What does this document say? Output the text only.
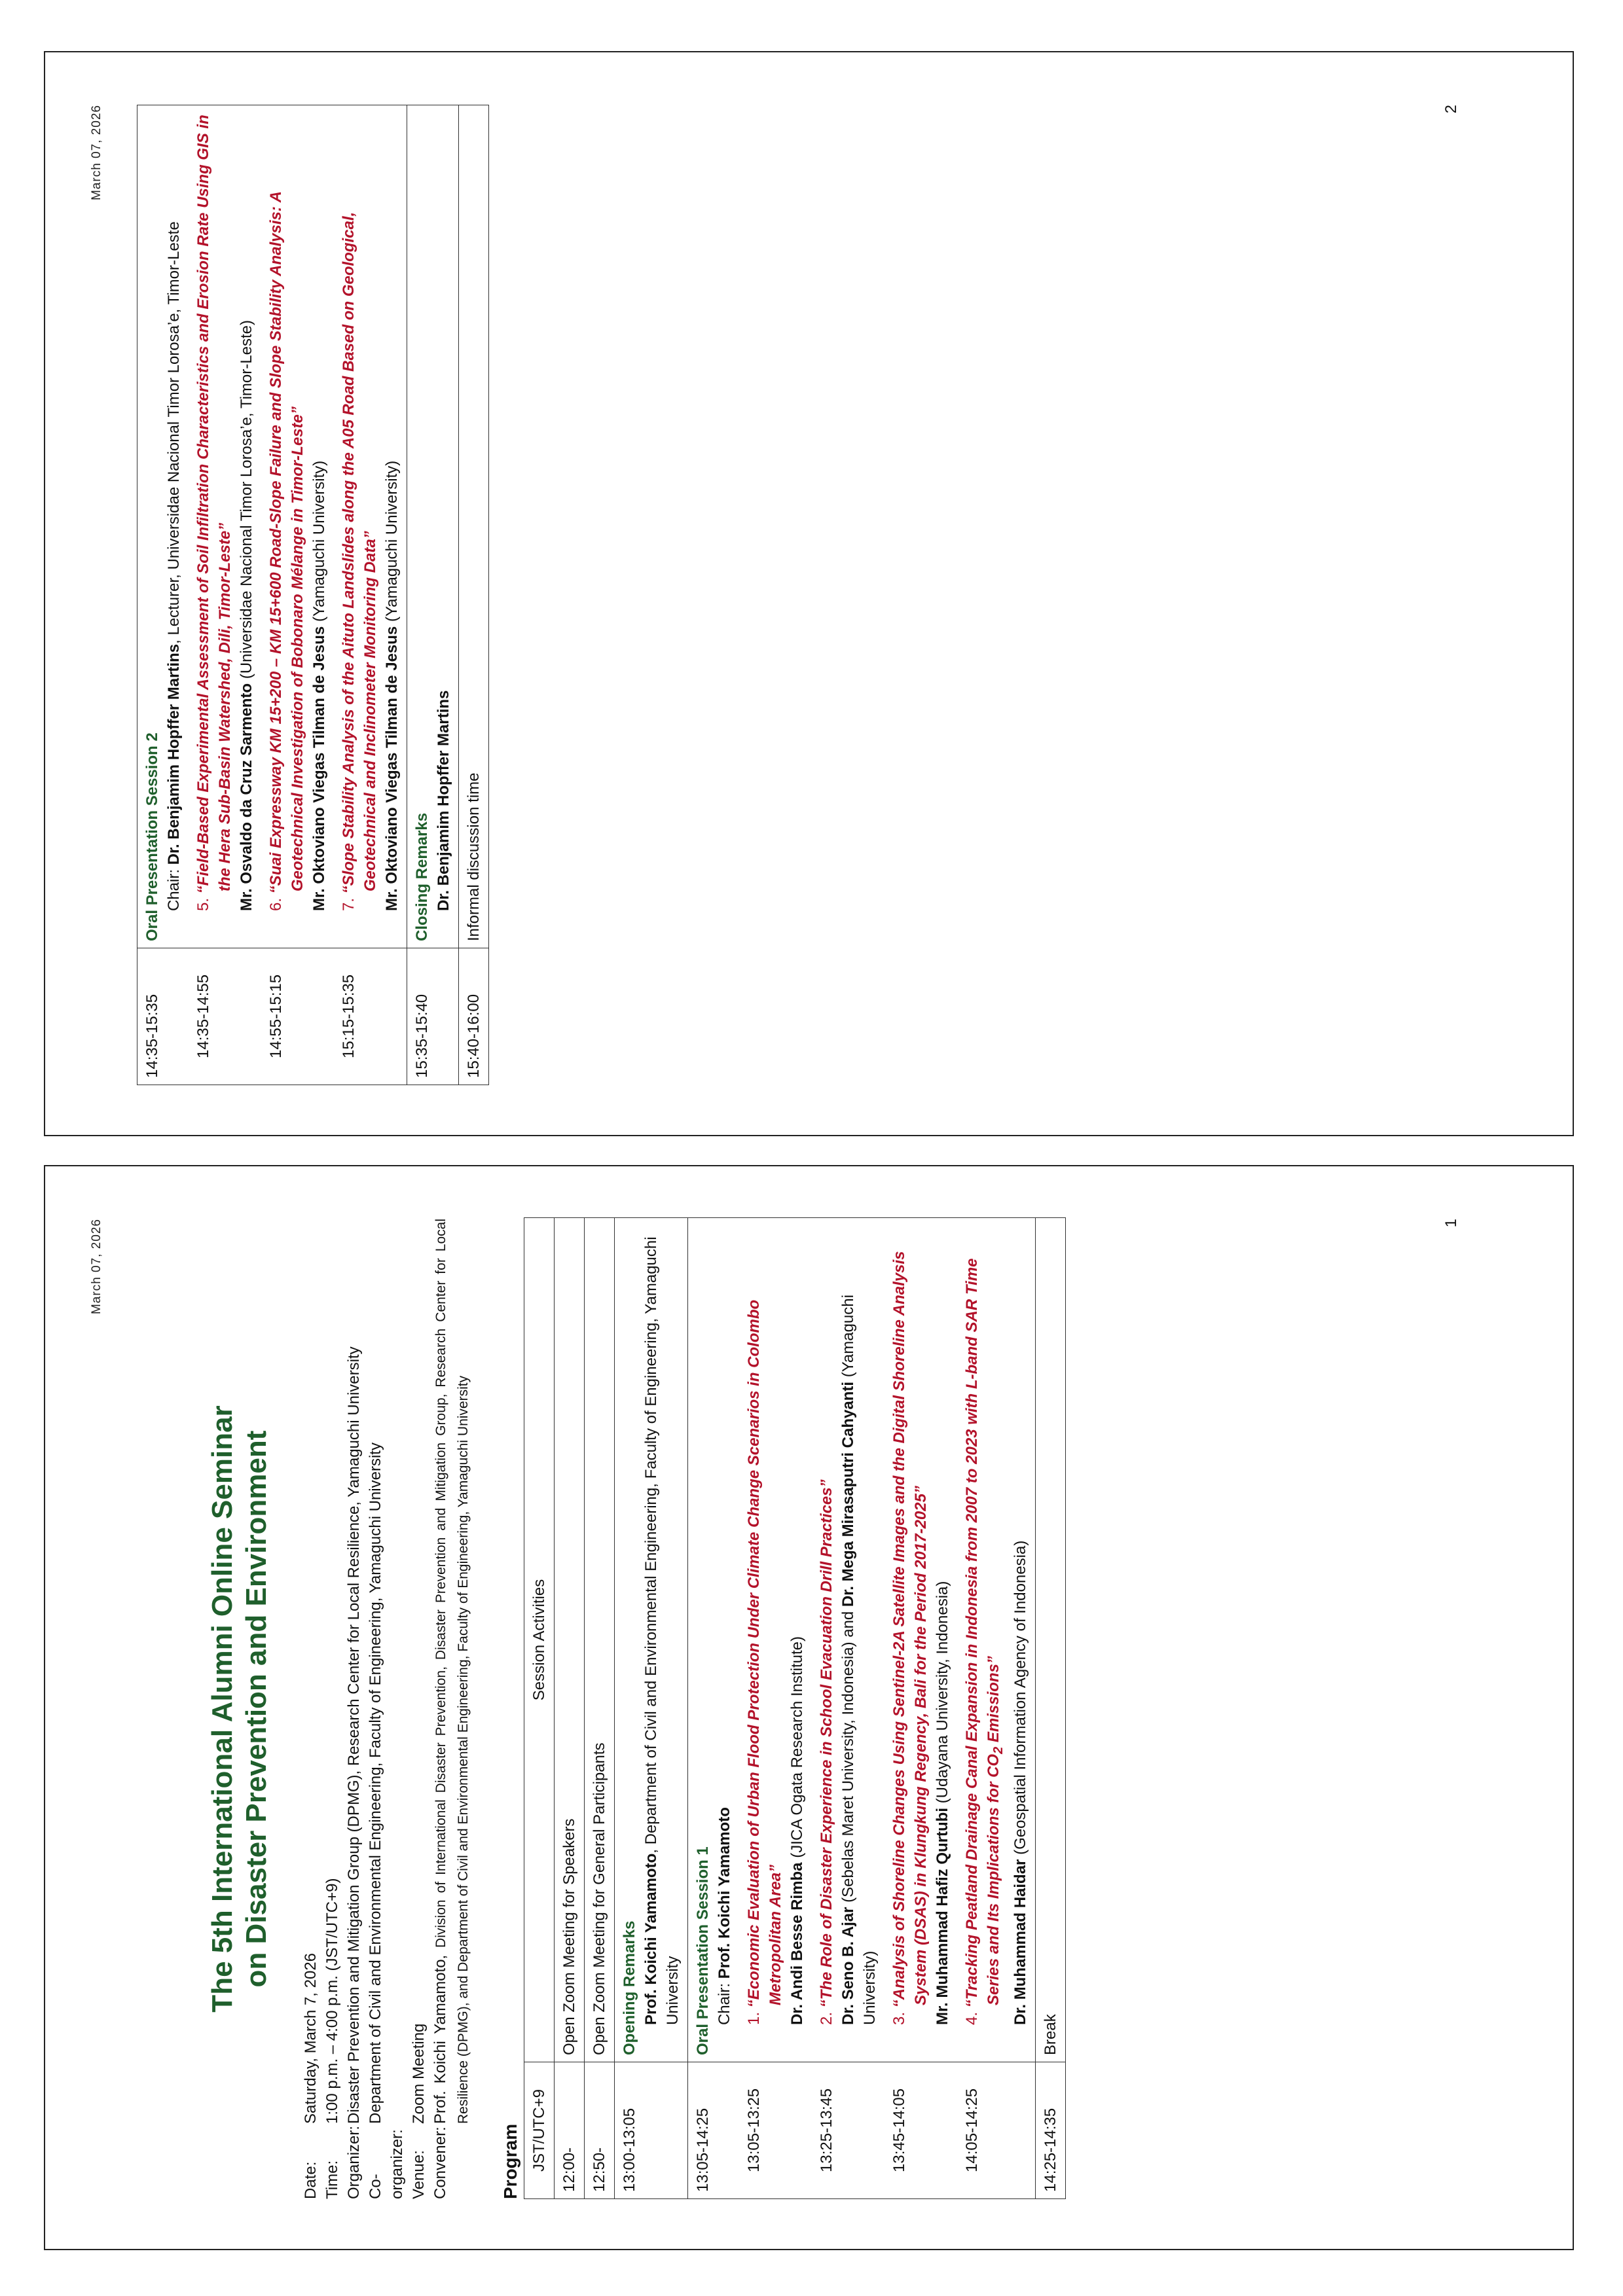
March 07, 2026	1
The 5th International Alumni Online Seminar on Disaster Prevention and Environment
Date:
Saturday, March 7, 2026
Time:
1:00 p.m. – 4:00 p.m. (JST/UTC+9)
Organizer:
Disaster Prevention and Mitigation Group (DPMG), Research Center for Local Resilience, Yamaguchi University
Co-organizer:
Department of Civil and Environmental Engineering, Faculty of Engineering, Yamaguchi University
Venue:
Zoom Meeting
Convener:
Prof. Koichi Yamamoto, Division of International Disaster Prevention, Disaster Prevention and Mitigation Group, Research Center for Local Resilience (DPMG), and Department of Civil and Environmental Engineering, Faculty of Engineering, Yamaguchi University
Program JST/UTC+9	Session Activities
12:00-	Open Zoom Meeting for Speakers
12:50-	Open Zoom Meeting for General Participants
13:00-13:05	Opening Remarks Prof. Koichi Yamamoto, Department of Civil and Environmental Engineering, Faculty of Engineering, Yamaguchi University

13:05-14:25	Oral Presentation Session 1 Chair: Prof. Koichi Yamamoto

13:05-13:25	1. “Economic Evaluation of Urban Flood Protection Under Climate Change Scenarios in Colombo Metropolitan Area” Dr. Andi Besse Rimba (JICA Ogata Research Institute)

13:25-13:45	2. “The Role of Disaster Experience in School Evacuation Drill Practices” Dr. Seno B. Ajar (Sebelas Maret University, Indonesia) and Dr. Mega Mirasaputri Cahyanti (Yamaguchi University)

13:45-14:05	3. “Analysis of Shoreline Changes Using Sentinel-2A Satellite Images and the Digital Shoreline Analysis System (DSAS) in Klungkung Regency, Bali for the Period 2017-2025” Mr. Muhammad Hafiz Qurtubi (Udayana University, Indonesia)

14:05-14:25	4. “Tracking Peatland Drainage Canal Expansion in Indonesia from 2007 to 2023 with L-band SAR Time Series and Its Implications for $CO_2$ Emissions”
Dr. Muhammad Haidar (Geospatial Information Agency of Indonesia)

14:25-14:35	Break
March 07, 2026	2
14:35-15:35	Oral Presentation Session 2 Chair: Dr. Benjamim Hopffer Martins, Lecturer, Universidae Nacional Timor Lorosa’e, Timor-Leste

14:35-14:55	5. “Field-Based Experimental Assessment of Soil Infiltration Characteristics and Erosion Rate Using GIS in the Hera Sub-Basin Watershed, Dili, Timor-Leste” Mr. Osvaldo da Cruz Sarmento (Universidae Nacional Timor Lorosa’e, Timor-Leste)

14:55-15:15	6. “Suai Expressway KM 15+200 – KM 15+600 Road-Slope Failure and Slope Stability Analysis: A Geotechnical Investigation of Bobonaro Mélange in Timor-Leste” Mr. Oktoviano Viegas Tilman de Jesus (Yamaguchi University)

15:15-15:35	7. “Slope Stability Analysis of the Aituto Landslides along the A05 Road Based on Geological, Geotechnical and Inclinometer Monitoring Data” Mr. Oktoviano Viegas Tilman de Jesus (Yamaguchi University)

15:35-15:40	Closing Remarks Dr. Benjamim Hopffer Martins

15:40-16:00	Informal discussion time
